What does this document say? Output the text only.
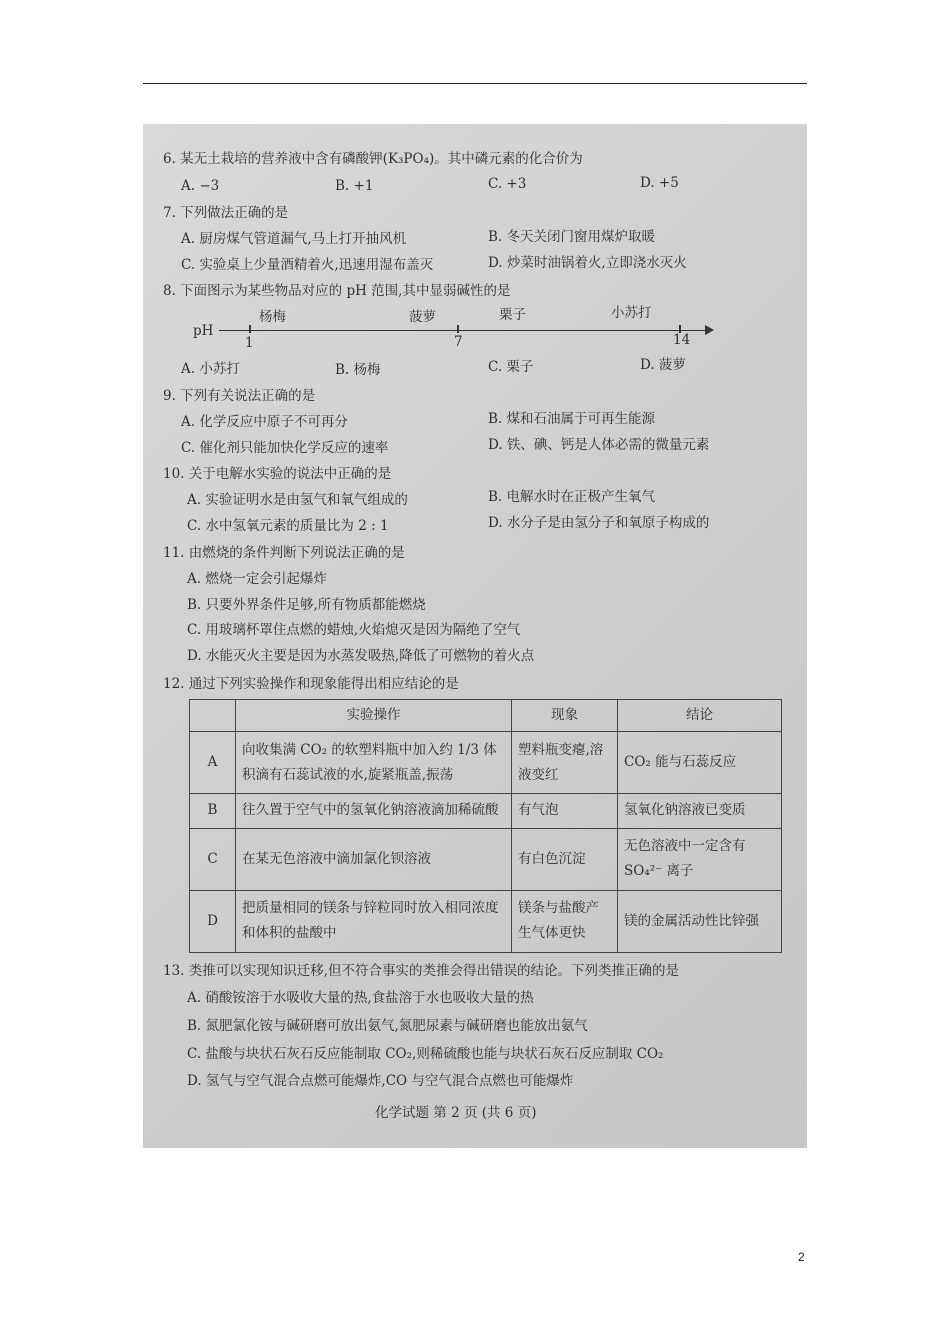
6. 某无土栽培的营养液中含有磷酸钾(K₃PO₄)。其中磷元素的化合价为
A. −3	B. +1	C. +3	D. +5
7. 下列做法正确的是
A. 厨房煤气管道漏气,马上打开抽风机	B. 冬天关闭门窗用煤炉取暖
C. 实验桌上少量酒精着火,迅速用湿布盖灭	D. 炒菜时油锅着火,立即浇水灭火
8. 下面图示为某些物品对应的 pH 范围,其中显弱碱性的是
pH
杨梅	菠萝	栗子	小苏打
1	7	14
A. 小苏打	B. 杨梅	C. 栗子	D. 菠萝
9. 下列有关说法正确的是
A. 化学反应中原子不可再分	B. 煤和石油属于可再生能源
C. 催化剂只能加快化学反应的速率	D. 铁、碘、钙是人体必需的微量元素
10. 关于电解水实验的说法中正确的是
A. 实验证明水是由氢气和氧气组成的	B. 电解水时在正极产生氧气
C. 水中氢氧元素的质量比为 2 : 1	D. 水分子是由氢分子和氧原子构成的
11. 由燃烧的条件判断下列说法正确的是
A. 燃烧一定会引起爆炸
B. 只要外界条件足够,所有物质都能燃烧
C. 用玻璃杯罩住点燃的蜡烛,火焰熄灭是因为隔绝了空气
D. 水能灭火主要是因为水蒸发吸热,降低了可燃物的着火点
12. 通过下列实验操作和现象能得出相应结论的是
	实验操作	现象	结论
A	向收集满 CO₂ 的软塑料瓶中加入约 1/3 体积滴有石蕊试液的水,旋紧瓶盖,振荡	塑料瓶变瘪,溶液变红	CO₂ 能与石蕊反应
B	往久置于空气中的氢氧化钠溶液滴加稀硫酸	有气泡	氢氧化钠溶液已变质
C	在某无色溶液中滴加氯化钡溶液	有白色沉淀	无色溶液中一定含有 SO₄²⁻ 离子
D	把质量相同的镁条与锌粒同时放入相同浓度和体积的盐酸中	镁条与盐酸产生气体更快	镁的金属活动性比锌强
13. 类推可以实现知识迁移,但不符合事实的类推会得出错误的结论。下列类推正确的是
A. 硝酸铵溶于水吸收大量的热,食盐溶于水也吸收大量的热
B. 氮肥氯化铵与碱研磨可放出氨气,氮肥尿素与碱研磨也能放出氨气
C. 盐酸与块状石灰石反应能制取 CO₂,则稀硫酸也能与块状石灰石反应制取 CO₂
D. 氢气与空气混合点燃可能爆炸,CO 与空气混合点燃也可能爆炸
化学试题 第 2 页 (共 6 页)
2
